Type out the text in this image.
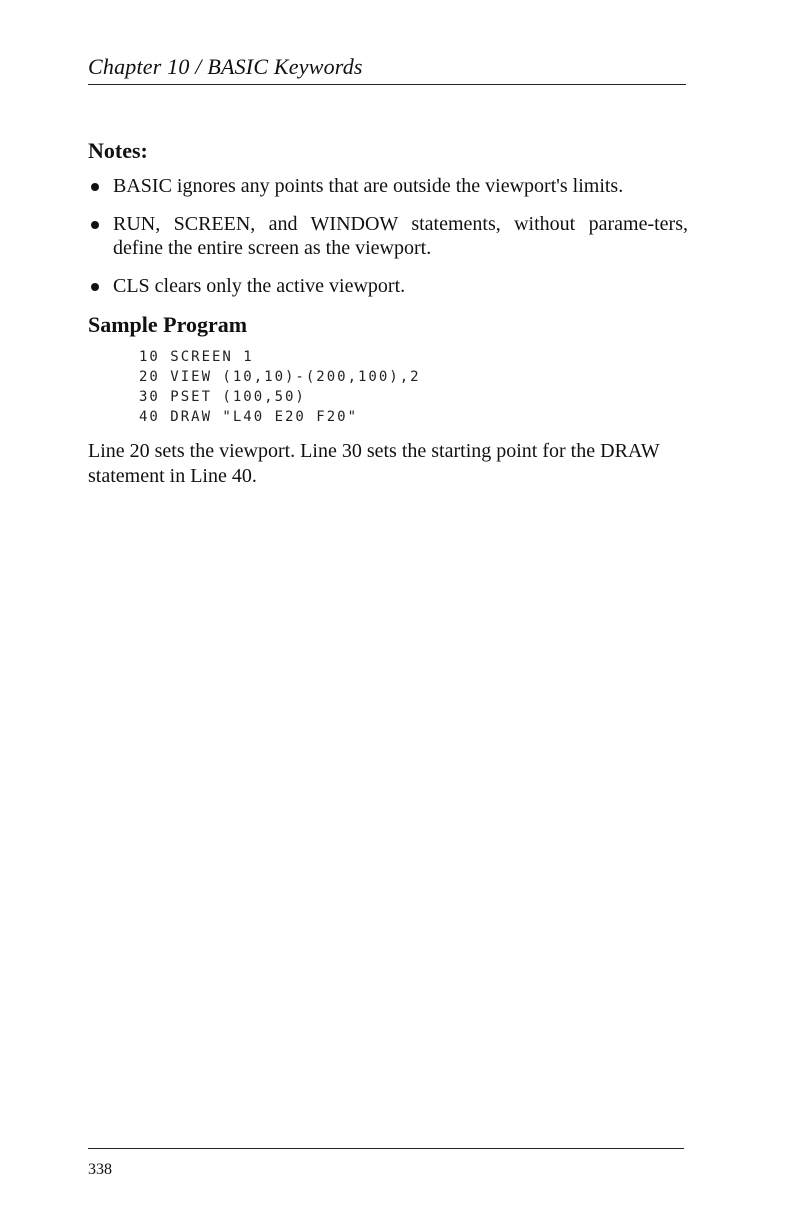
Chapter 10 / BASIC Keywords
Notes:
BASIC ignores any points that are outside the viewport's limits.
RUN, SCREEN, and WINDOW statements, without parame-ters, define the entire screen as the viewport.
CLS clears only the active viewport.
Sample Program
10 SCREEN 1
20 VIEW (10,10)-(200,100),2
30 PSET (100,50)
40 DRAW "L40 E20 F20"

Line 20 sets the viewport. Line 30 sets the starting point for the DRAW statement in Line 40.

338
